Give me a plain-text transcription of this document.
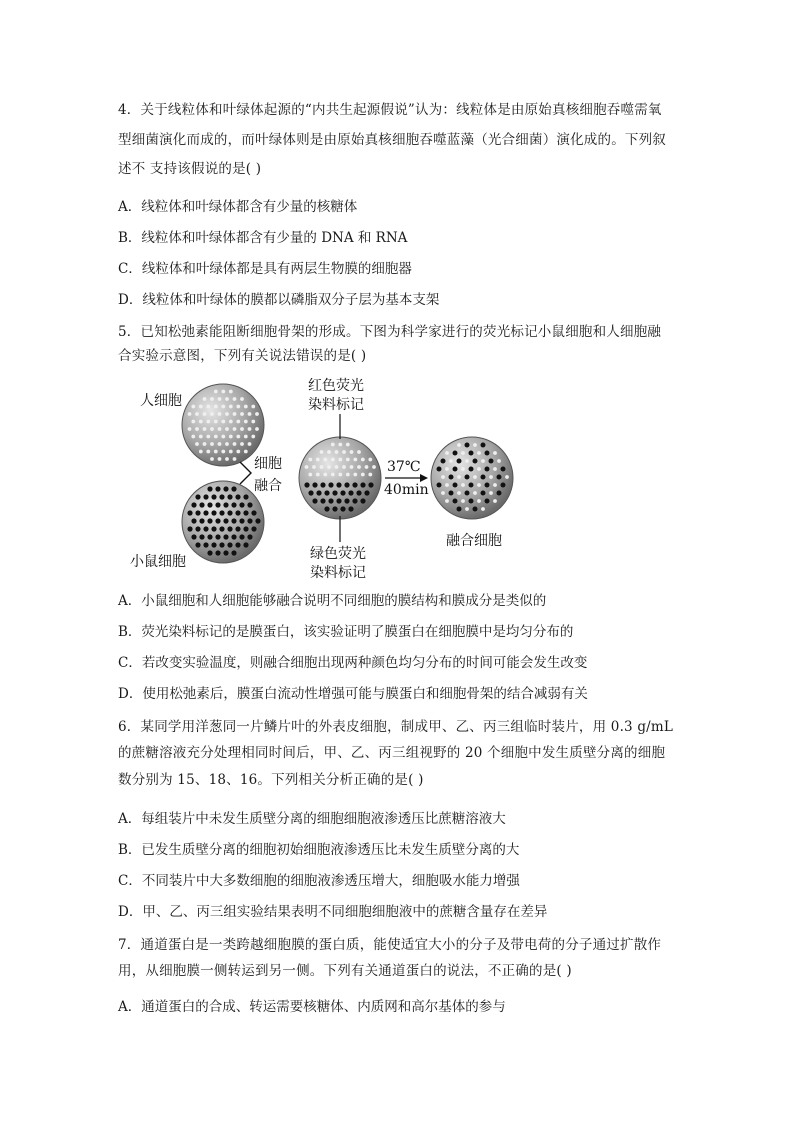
4．关于线粒体和叶绿体起源的“内共生起源假说”认为：线粒体是由原始真核细胞吞噬需氧
型细菌演化而成的，而叶绿体则是由原始真核细胞吞噬蓝藻（光合细菌）演化成的。下列叙
述不 支持该假说的是( )
A．线粒体和叶绿体都含有少量的核糖体
B．线粒体和叶绿体都含有少量的 DNA 和 RNA
C．线粒体和叶绿体都是具有两层生物膜的细胞器
D．线粒体和叶绿体的膜都以磷脂双分子层为基本支架
5．已知松弛素能阻断细胞骨架的形成。下图为科学家进行的荧光标记小鼠细胞和人细胞融
合实验示意图，下列有关说法错误的是( )
人细胞
小鼠细胞
细胞
融合
红色荧光
染料标记
绿色荧光
染料标记
37℃
40min
融合细胞
A．小鼠细胞和人细胞能够融合说明不同细胞的膜结构和膜成分是类似的
B．荧光染料标记的是膜蛋白，该实验证明了膜蛋白在细胞膜中是均匀分布的
C．若改变实验温度，则融合细胞出现两种颜色均匀分布的时间可能会发生改变
D．使用松弛素后，膜蛋白流动性增强可能与膜蛋白和细胞骨架的结合减弱有关
6．某同学用洋葱同一片鳞片叶的外表皮细胞，制成甲、乙、丙三组临时装片，用 0.3 g/mL
的蔗糖溶液充分处理相同时间后，甲、乙、丙三组视野的 20 个细胞中发生质壁分离的细胞
数分别为 15、18、16。下列相关分析正确的是( )
A．每组装片中未发生质壁分离的细胞细胞液渗透压比蔗糖溶液大
B．已发生质壁分离的细胞初始细胞液渗透压比未发生质壁分离的大
C．不同装片中大多数细胞的细胞液渗透压增大，细胞吸水能力增强
D．甲、乙、丙三组实验结果表明不同细胞细胞液中的蔗糖含量存在差异
7．通道蛋白是一类跨越细胞膜的蛋白质，能使适宜大小的分子及带电荷的分子通过扩散作
用，从细胞膜一侧转运到另一侧。下列有关通道蛋白的说法，不正确的是( )
A．通道蛋白的合成、转运需要核糖体、内质网和高尔基体的参与
